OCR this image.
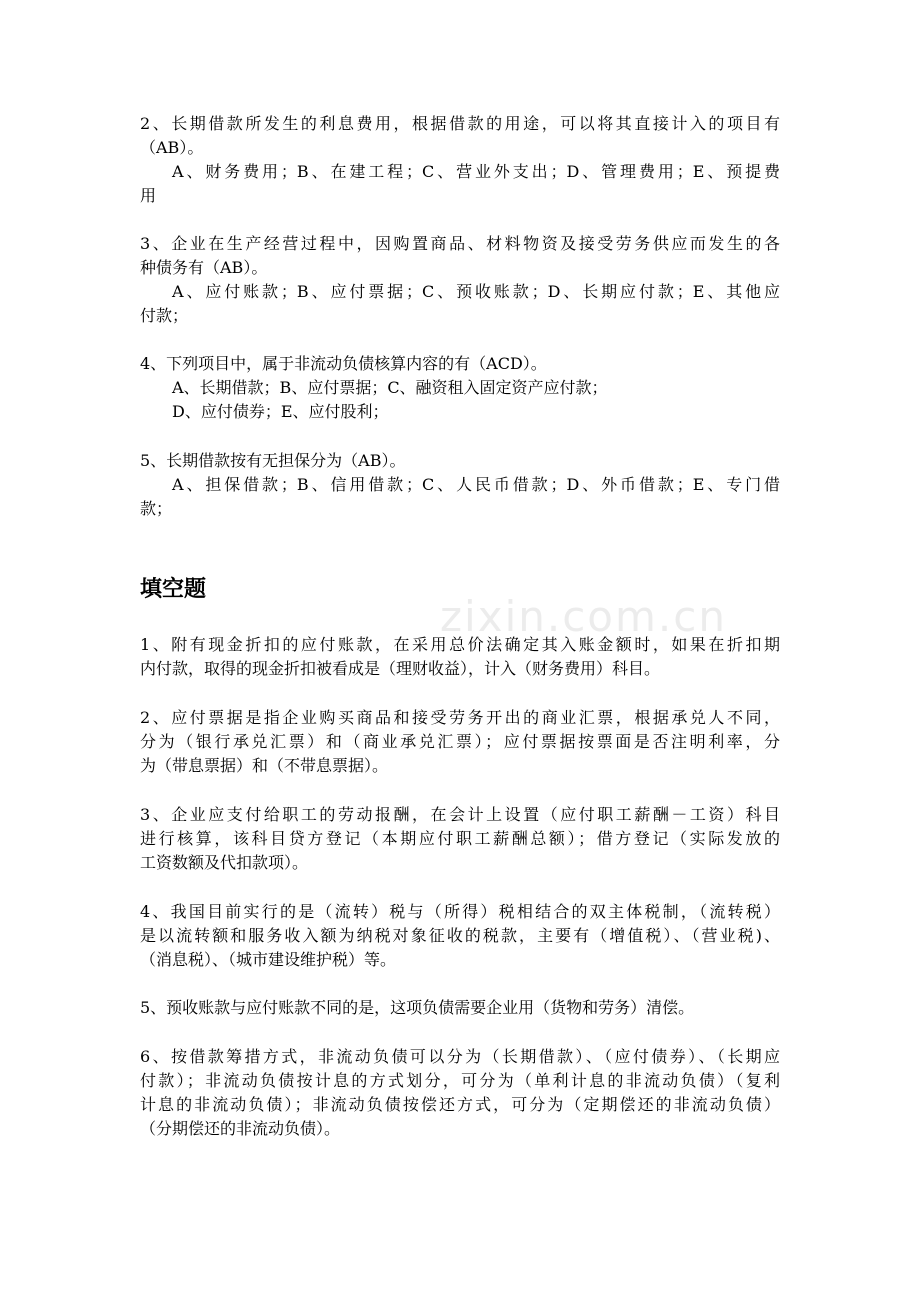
zixin.com.cn
2、长期借款所发生的利息费用，根据借款的用途，可以将其直接计入的项目有
（AB）。
A、财务费用；B、在建工程；C、营业外支出；D、管理费用；E、预提费
用
3、企业在生产经营过程中，因购置商品、材料物资及接受劳务供应而发生的各
种债务有（AB）。
A、应付账款；B、应付票据；C、预收账款；D、长期应付款；E、其他应
付款；
4、下列项目中，属于非流动负债核算内容的有（ACD）。
A、长期借款；B、应付票据；C、融资租入固定资产应付款；
D、应付债券；E、应付股利；
5、长期借款按有无担保分为（AB）。
A、担保借款；B、信用借款；C、人民币借款；D、外币借款；E、专门借
款；
填空题
1、附有现金折扣的应付账款，在采用总价法确定其入账金额时，如果在折扣期
内付款，取得的现金折扣被看成是（理财收益），计入（财务费用）科目。
2、应付票据是指企业购买商品和接受劳务开出的商业汇票，根据承兑人不同，
分为（银行承兑汇票）和（商业承兑汇票）；应付票据按票面是否注明利率，分
为（带息票据）和（不带息票据）。
3、企业应支付给职工的劳动报酬，在会计上设置（应付职工薪酬－工资）科目
进行核算，该科目贷方登记（本期应付职工薪酬总额）；借方登记（实际发放的
工资数额及代扣款项）。
4、我国目前实行的是（流转）税与（所得）税相结合的双主体税制，（流转税）
是以流转额和服务收入额为纳税对象征收的税款，主要有（增值税）、（营业税)、
（消息税）、（城市建设维护税）等。
5、预收账款与应付账款不同的是，这项负债需要企业用（货物和劳务）清偿。
6、按借款筹措方式，非流动负债可以分为（长期借款）、（应付债券）、（长期应
付款）；非流动负债按计息的方式划分，可分为（单利计息的非流动负债）（复利
计息的非流动负债）；非流动负债按偿还方式，可分为（定期偿还的非流动负债）
（分期偿还的非流动负债）。
